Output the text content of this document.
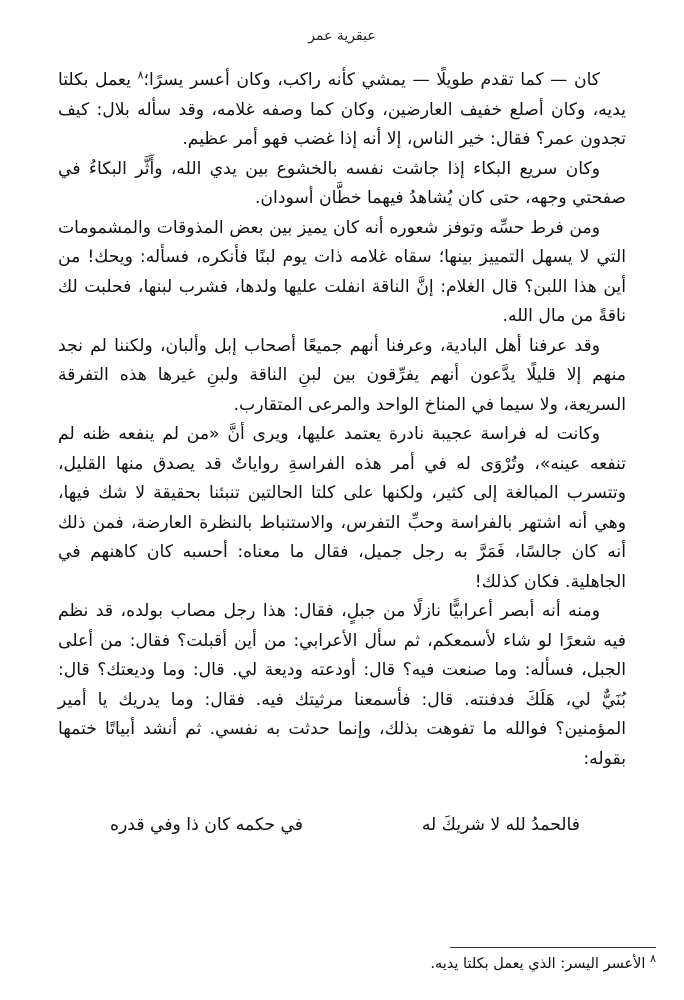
عبقرية عمر

كان — كما تقدم طويلًا — يمشي كأنه راكب، وكان أعسر يسرًا؛$^٨$ يعمل بكلتا يديه، وكان أصلع خفيف العارضين، وكان كما وصفه غلامه، وقد سأله بلال: كيف تجدون عمر؟ فقال: خير الناس، إلا أنه إذا غضب فهو أمر عظيم.

وكان سريع البكاء إذا جاشت نفسه بالخشوع بين يدي الله، وأَثَّر البكاءُ في صفحتي وجهه، حتى كان يُشاهدُ فيهما خطَّان أسودان.

ومن فرط حسِّه وتوفز شعوره أنه كان يميز بين بعض المذوقات والمشمومات التي لا يسهل التمييز بينها؛ سقاه غلامه ذات يوم لبنًا فأنكره، فسأله: ويحك! من أين هذا اللبن؟ قال الغلام: إنَّ الناقة انفلت عليها ولدها، فشرب لبنها، فحلبت لك ناقةً من مال الله.

وقد عرفنا أهل البادية، وعرفنا أنهم جميعًا أصحاب إبل وألبان، ولكننا لم نجد منهم إلا قليلًا يدَّعون أنهم يفرِّقون بين لبنِ الناقة ولبنِ غيرها هذه التفرقة السريعة، ولا سيما في المناخ الواحد والمرعى المتقارب.

وكانت له فراسة عجيبة نادرة يعتمد عليها، ويرى أنَّ «من لم ينفعه ظنه لم تنفعه عينه»، وتُرْوَى له في أمر هذه الفراسةِ رواياتٌ قد يصدق منها القليل، وتتسرب المبالغة إلى كثير، ولكنها على كلتا الحالتين تنبئنا بحقيقة لا شك فيها، وهي أنه اشتهر بالفراسة وحبِّ التفرس، والاستنباط بالنظرة العارضة، فمن ذلك أنه كان جالسًا، فَمَرَّ به رجل جميل، فقال ما معناه: أحسبه كان كاهنهم في الجاهلية. فكان كذلك!

ومنه أنه أبصر أعرابيًّا نازلًا من جبلٍ، فقال: هذا رجل مصاب بولده، قد نظم فيه شعرًا لو شاء لأسمعكم، ثم سأل الأعرابي: من أين أقبلت؟ فقال: من أعلى الجبل، فسأله: وما صنعت فيه؟ قال: أودعته وديعة لي. قال: وما وديعتك؟ قال: بُنَيٌّ لي، هَلَكَ فدفنته. قال: فأسمعنا مرثيتك فيه. فقال: وما يدريك يا أمير المؤمنين؟ فوالله ما تفوهت بذلك، وإنما حدثت به نفسي. ثم أنشد أبياتًا ختمها بقوله:

فالحمدُ لله لا شريكَ له
في حكمه كان ذا وفي قدره
$^٨$ الأعسر اليسر: الذي يعمل بكلتا يديه.
